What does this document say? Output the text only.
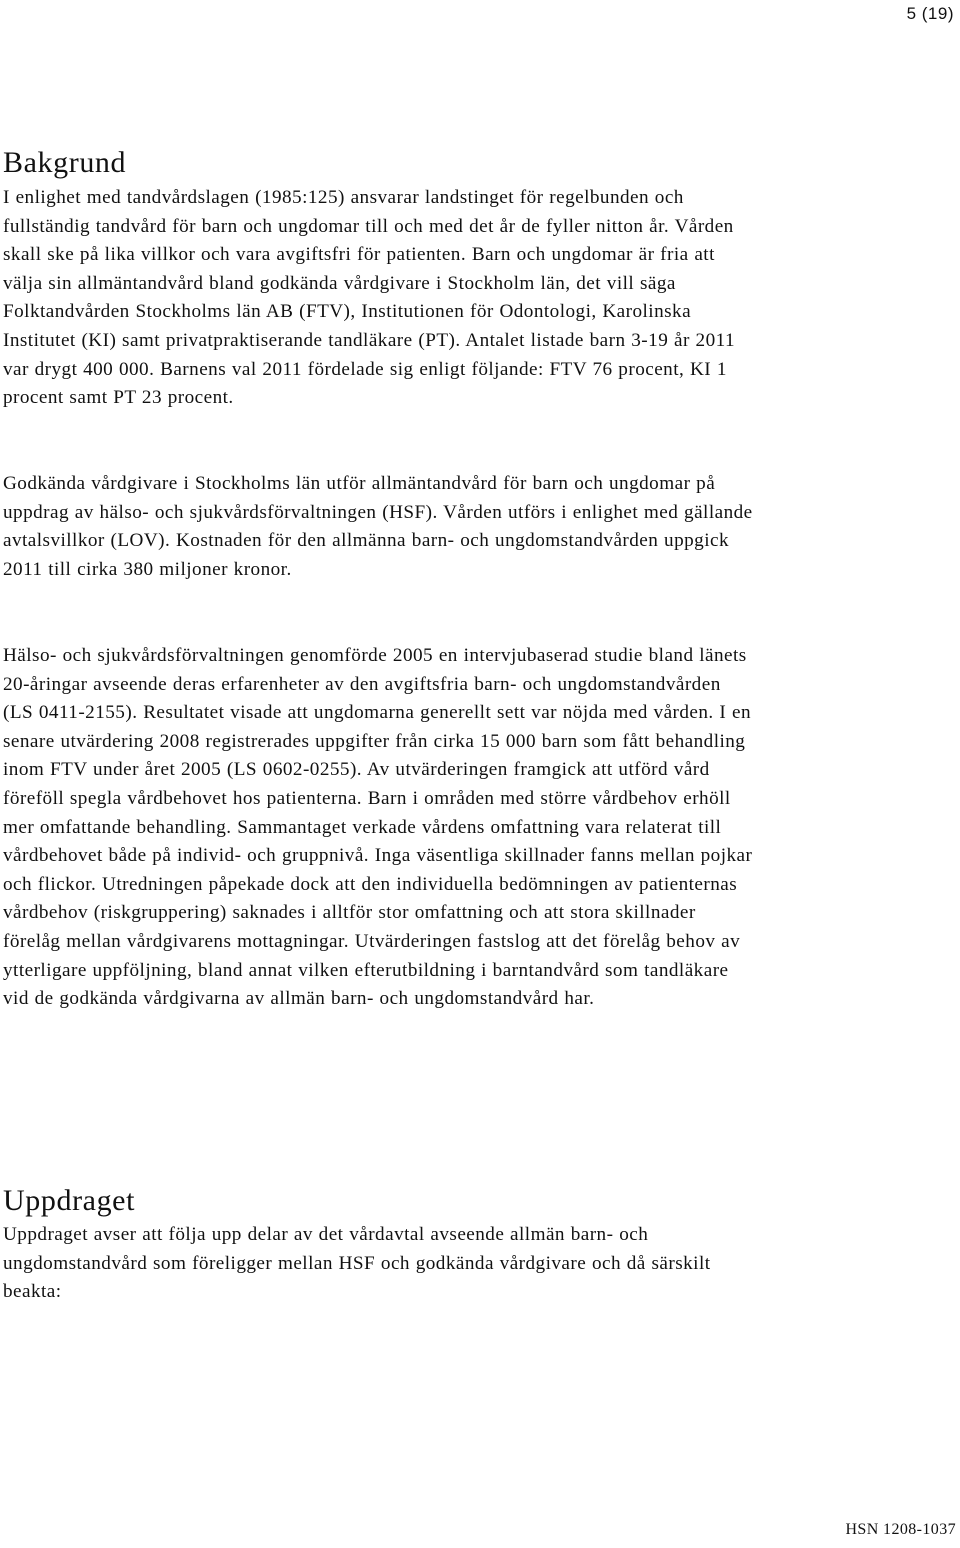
5 (19)
Bakgrund

I enlighet med tandvårdslagen (1985:125) ansvarar landstinget för regelbunden och fullständig tandvård för barn och ungdomar till och med det år de fyller nitton år. Vården skall ske på lika villkor och vara avgiftsfri för patienten. Barn och ungdomar är fria att välja sin allmäntandvård bland godkända vårdgivare i Stockholm län, det vill säga Folktandvården Stockholms län AB (FTV), Institutionen för Odontologi, Karolinska Institutet (KI) samt privatpraktiserande tandläkare (PT). Antalet listade barn 3-19 år 2011 var drygt 400 000. Barnens val 2011 fördelade sig enligt följande: FTV 76 procent, KI 1 procent samt PT 23 procent.

Godkända vårdgivare i Stockholms län utför allmäntandvård för barn och ungdomar på uppdrag av hälso- och sjukvårdsförvaltningen (HSF). Vården utförs i enlighet med gällande avtalsvillkor (LOV). Kostnaden för den allmänna barn- och ungdomstandvården uppgick 2011 till cirka 380 miljoner kronor.

Hälso- och sjukvårdsförvaltningen genomförde 2005 en intervjubaserad studie bland länets 20-åringar avseende deras erfarenheter av den avgiftsfria barn- och ungdomstandvården (LS 0411-2155). Resultatet visade att ungdomarna generellt sett var nöjda med vården. I en senare utvärdering 2008 registrerades uppgifter från cirka 15 000 barn som fått behandling inom FTV under året 2005 (LS 0602-0255). Av utvärderingen framgick att utförd vård föreföll spegla vårdbehovet hos patienterna. Barn i områden med större vårdbehov erhöll mer omfattande behandling. Sammantaget verkade vårdens omfattning vara relaterat till vårdbehovet både på individ- och gruppnivå. Inga väsentliga skillnader fanns mellan pojkar och flickor. Utredningen påpekade dock att den individuella bedömningen av patienternas vårdbehov (riskgruppering) saknades i alltför stor omfattning och att stora skillnader förelåg mellan vårdgivarens mottagningar. Utvärderingen fastslog att det förelåg behov av ytterligare uppföljning, bland annat vilken efterutbildning i barntandvård som tandläkare vid de godkända vårdgivarna av allmän barn- och ungdomstandvård har.

Uppdraget

Uppdraget avser att följa upp delar av det vårdavtal avseende allmän barn- och ungdomstandvård som föreligger mellan HSF och godkända vårdgivare och då särskilt beakta:

HSN 1208-1037
